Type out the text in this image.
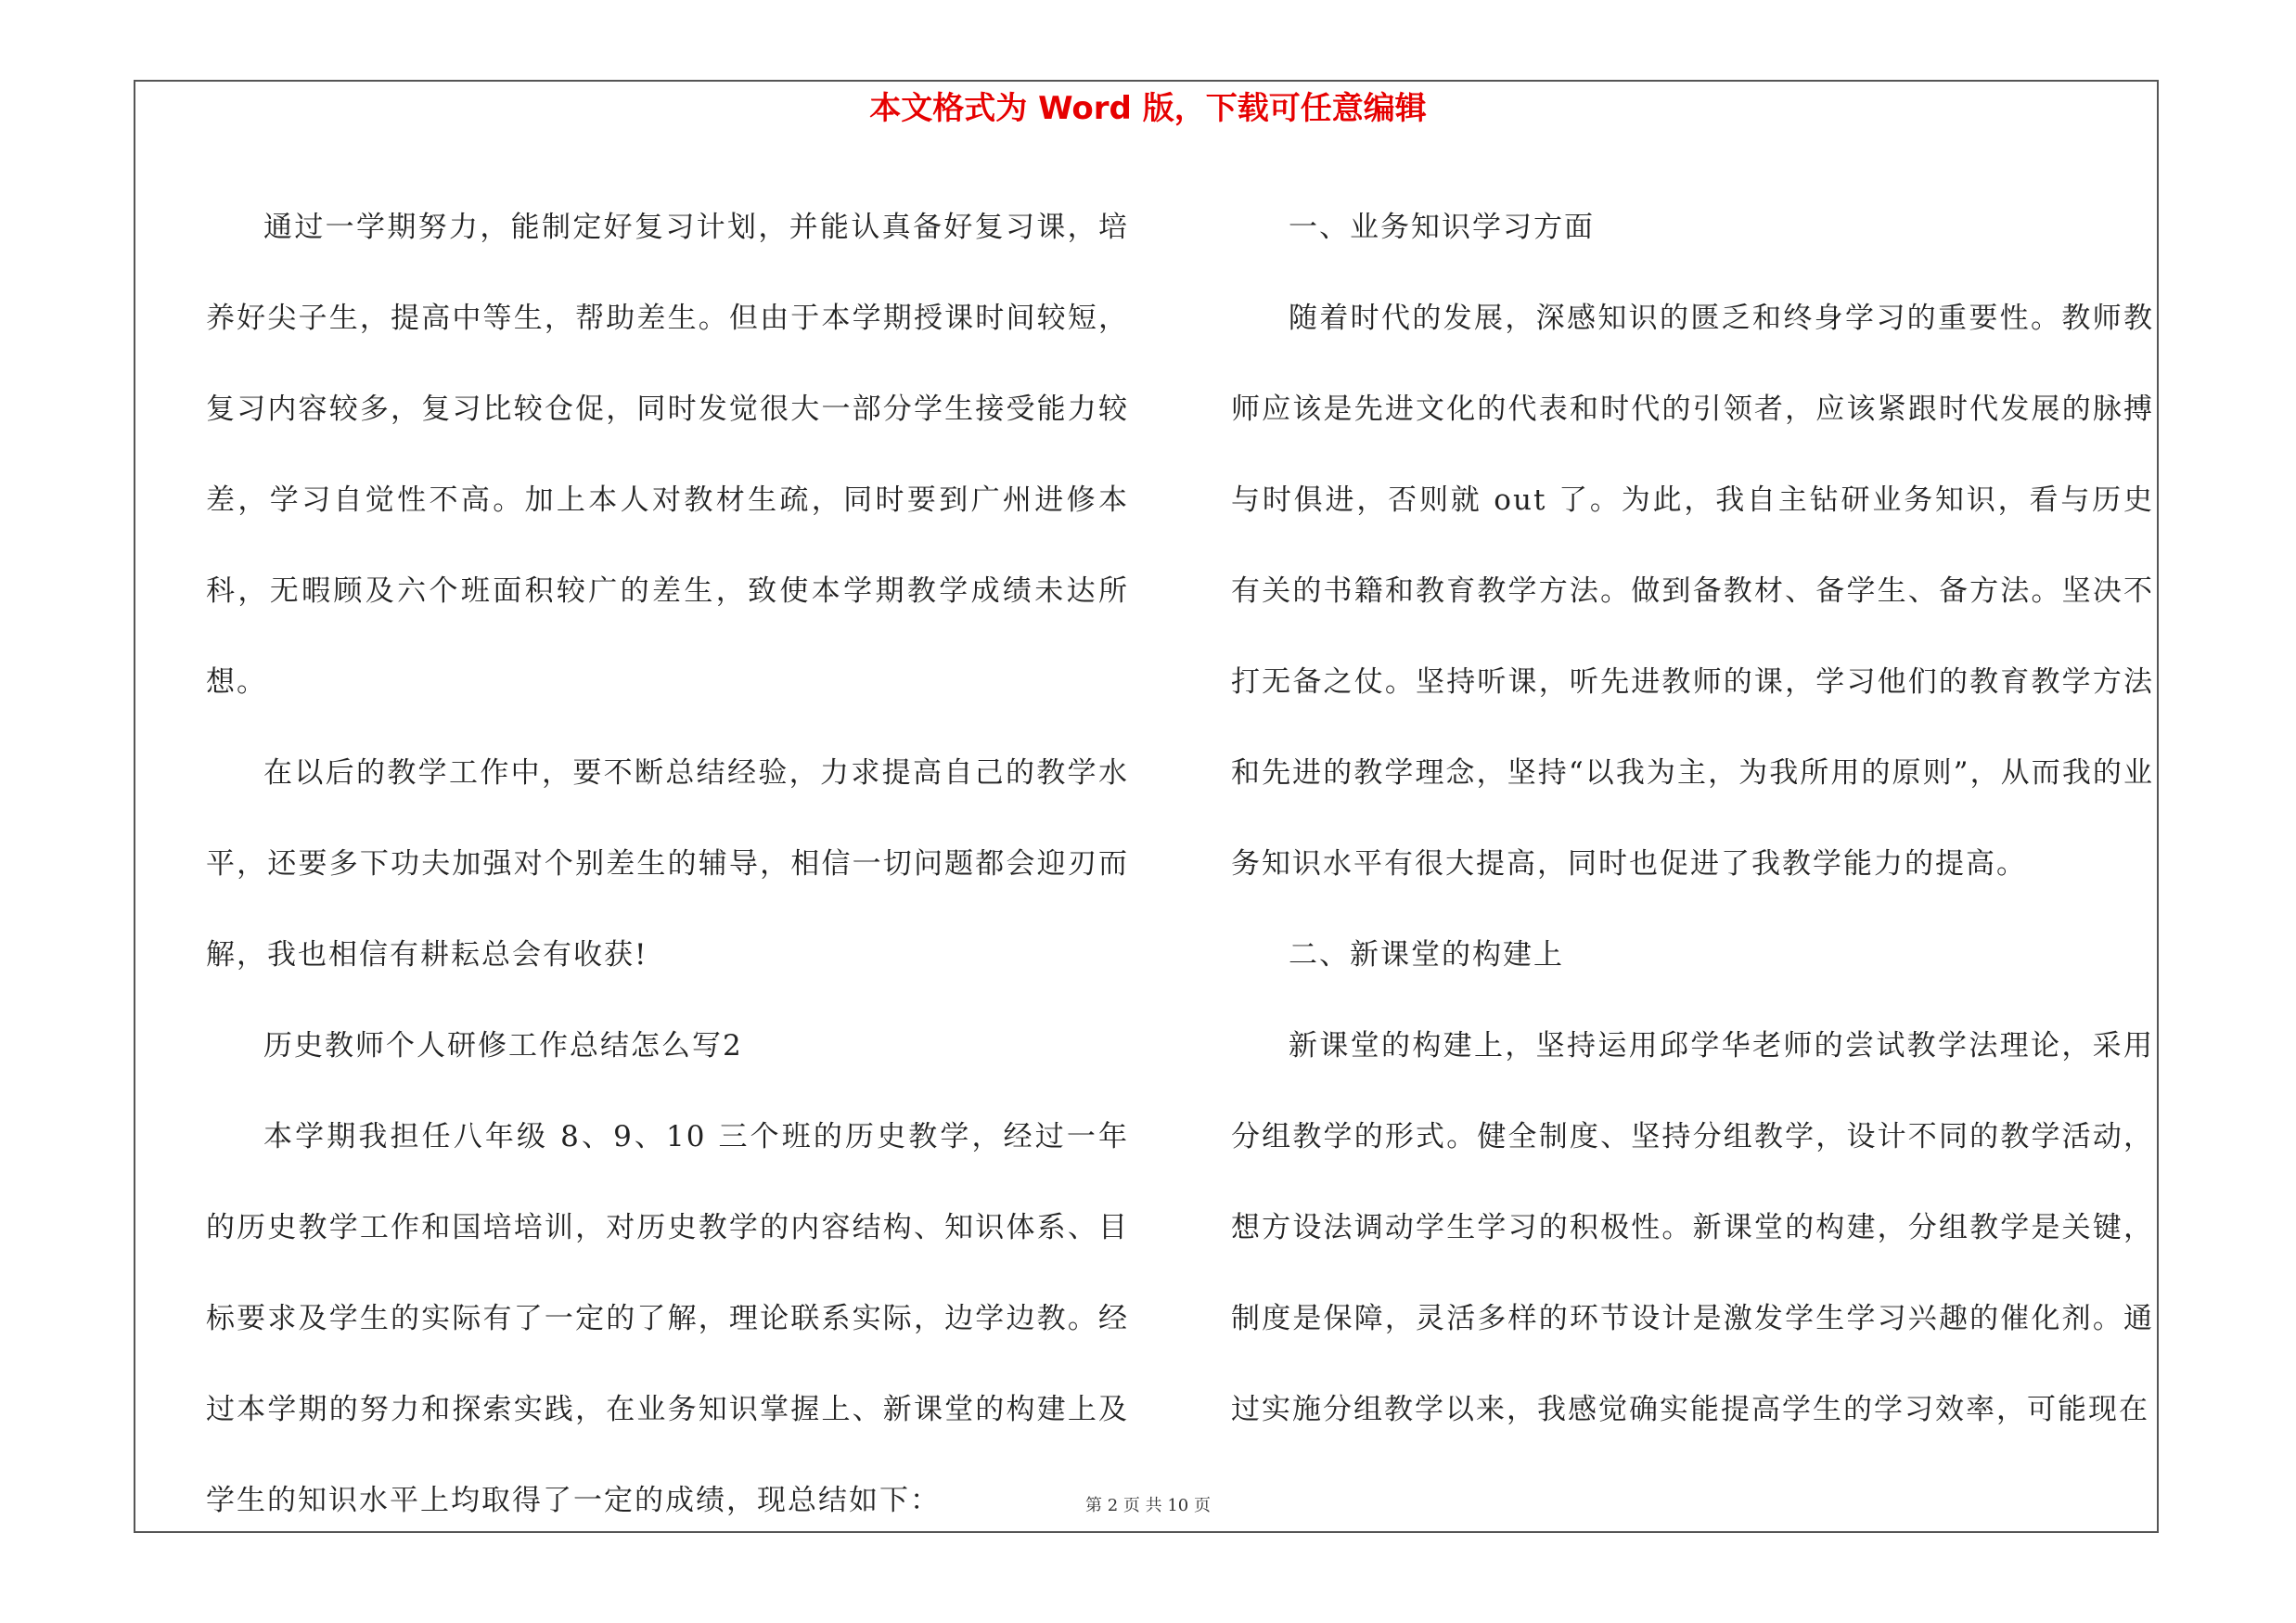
本文格式为 Word 版，下载可任意编辑

通过一学期努力，能制定好复习计划，并能认真备好复习课，培养好尖子生，提高中等生，帮助差生。但由于本学期授课时间较短，复习内容较多，复习比较仓促，同时发觉很大一部分学生接受能力较差，学习自觉性不高。加上本人对教材生疏，同时要到广州进修本科，无暇顾及六个班面积较广的差生，致使本学期教学成绩未达所想。

在以后的教学工作中，要不断总结经验，力求提高自己的教学水平，还要多下功夫加强对个别差生的辅导，相信一切问题都会迎刃而解，我也相信有耕耘总会有收获!

历史教师个人研修工作总结怎么写2

本学期我担任八年级 8、9、10 三个班的历史教学，经过一年的历史教学工作和国培培训，对历史教学的内容结构、知识体系、目标要求及学生的实际有了一定的了解，理论联系实际，边学边教。经过本学期的努力和探索实践，在业务知识掌握上、新课堂的构建上及学生的知识水平上均取得了一定的成绩，现总结如下：

一、业务知识学习方面

随着时代的发展，深感知识的匮乏和终身学习的重要性。教师教师应该是先进文化的代表和时代的引领者，应该紧跟时代发展的脉搏与时俱进，否则就 out 了。为此，我自主钻研业务知识，看与历史有关的书籍和教育教学方法。做到备教材、备学生、备方法。坚决不打无备之仗。坚持听课，听先进教师的课，学习他们的教育教学方法和先进的教学理念，坚持“以我为主，为我所用的原则”，从而我的业务知识水平有很大提高，同时也促进了我教学能力的提高。

二、新课堂的构建上

新课堂的构建上，坚持运用邱学华老师的尝试教学法理论，采用分组教学的形式。健全制度、坚持分组教学，设计不同的教学活动，想方设法调动学生学习的积极性。新课堂的构建，分组教学是关键，制度是保障，灵活多样的环节设计是激发学生学习兴趣的催化剂。通过实施分组教学以来，我感觉确实能提高学生的学习效率，可能现在

第 2 页 共 10 页
